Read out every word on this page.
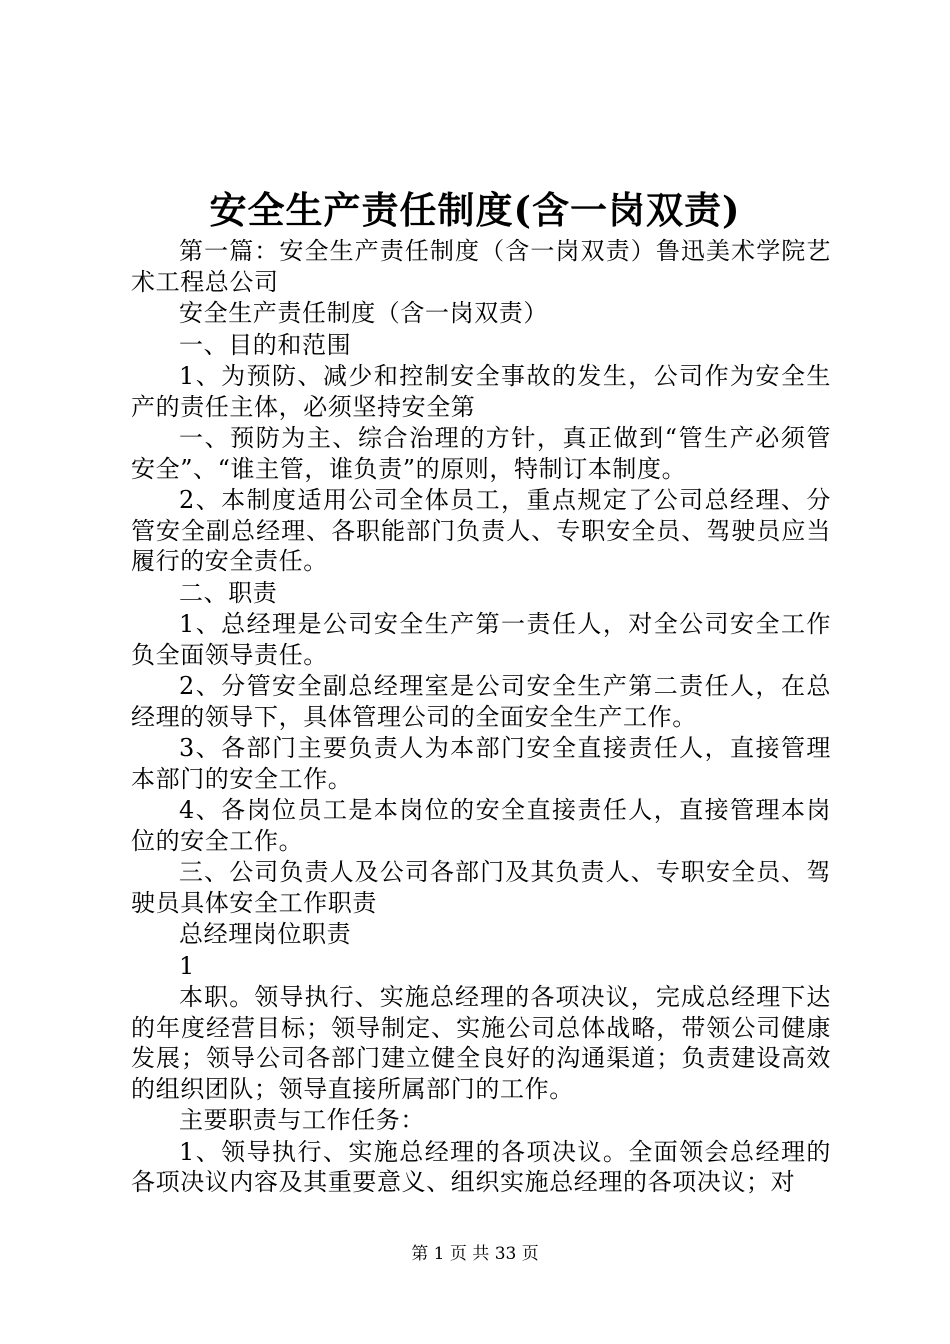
安全生产责任制度(含一岗双责)

第一篇：安全生产责任制度（含一岗双责）鲁迅美术学院艺术工程总公司

安全生产责任制度（含一岗双责）

一、目的和范围

1、为预防、减少和控制安全事故的发生，公司作为安全生产的责任主体，必须坚持安全第

一、预防为主、综合治理的方针，真正做到“管生产必须管安全”、“谁主管，谁负责”的原则，特制订本制度。

2、本制度适用公司全体员工，重点规定了公司总经理、分管安全副总经理、各职能部门负责人、专职安全员、驾驶员应当履行的安全责任。

二、职责

1、总经理是公司安全生产第一责任人，对全公司安全工作负全面领导责任。

2、分管安全副总经理室是公司安全生产第二责任人，在总经理的领导下，具体管理公司的全面安全生产工作。

3、各部门主要负责人为本部门安全直接责任人，直接管理本部门的安全工作。

4、各岗位员工是本岗位的安全直接责任人，直接管理本岗位的安全工作。

三、公司负责人及公司各部门及其负责人、专职安全员、驾驶员具体安全工作职责

总经理岗位职责

1

本职。领导执行、实施总经理的各项决议，完成总经理下达的年度经营目标；领导制定、实施公司总体战略，带领公司健康发展；领导公司各部门建立健全良好的沟通渠道；负责建设高效的组织团队；领导直接所属部门的工作。

主要职责与工作任务：

1、领导执行、实施总经理的各项决议。全面领会总经理的各项决议内容及其重要意义、组织实施总经理的各项决议；对

第 1 页 共 33 页
